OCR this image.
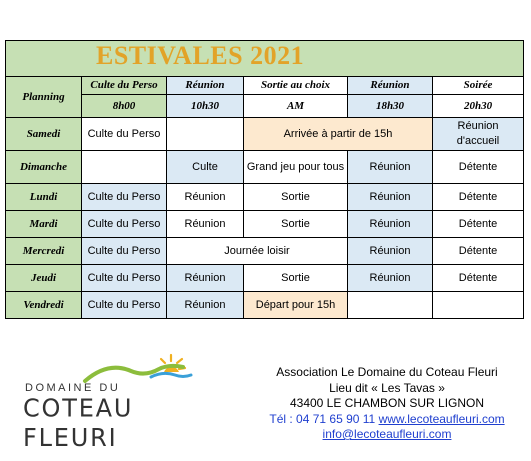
ESTIVALES 2021					
Planning	Culte du Perso	Réunion	Sortie au choix	Réunion	Soirée
	8h00	10h30	AM	18h30	20h30
Samedi	Culte du Perso		Arrivée à partir de 15h		Réunion d'accueil
Dimanche		Culte	Grand jeu pour tous	Réunion	Détente
Lundi	Culte du Perso	Réunion	Sortie	Réunion	Détente
Mardi	Culte du Perso	Réunion	Sortie	Réunion	Détente
Mercredi	Culte du Perso	Journée loisir		Réunion	Détente
Jeudi	Culte du Perso	Réunion	Sortie	Réunion	Détente
Vendredi	Culte du Perso	Réunion	Départ pour 15h		
DOMAINE DU
COTEAU FLEURI
Association Le Domaine du Coteau Fleuri
Lieu dit « Les Tavas »
43400 LE CHAMBON SUR LIGNON
Tél : 04 71 65 90 11 www.lecoteaufleuri.com
info@lecoteaufleuri.com
